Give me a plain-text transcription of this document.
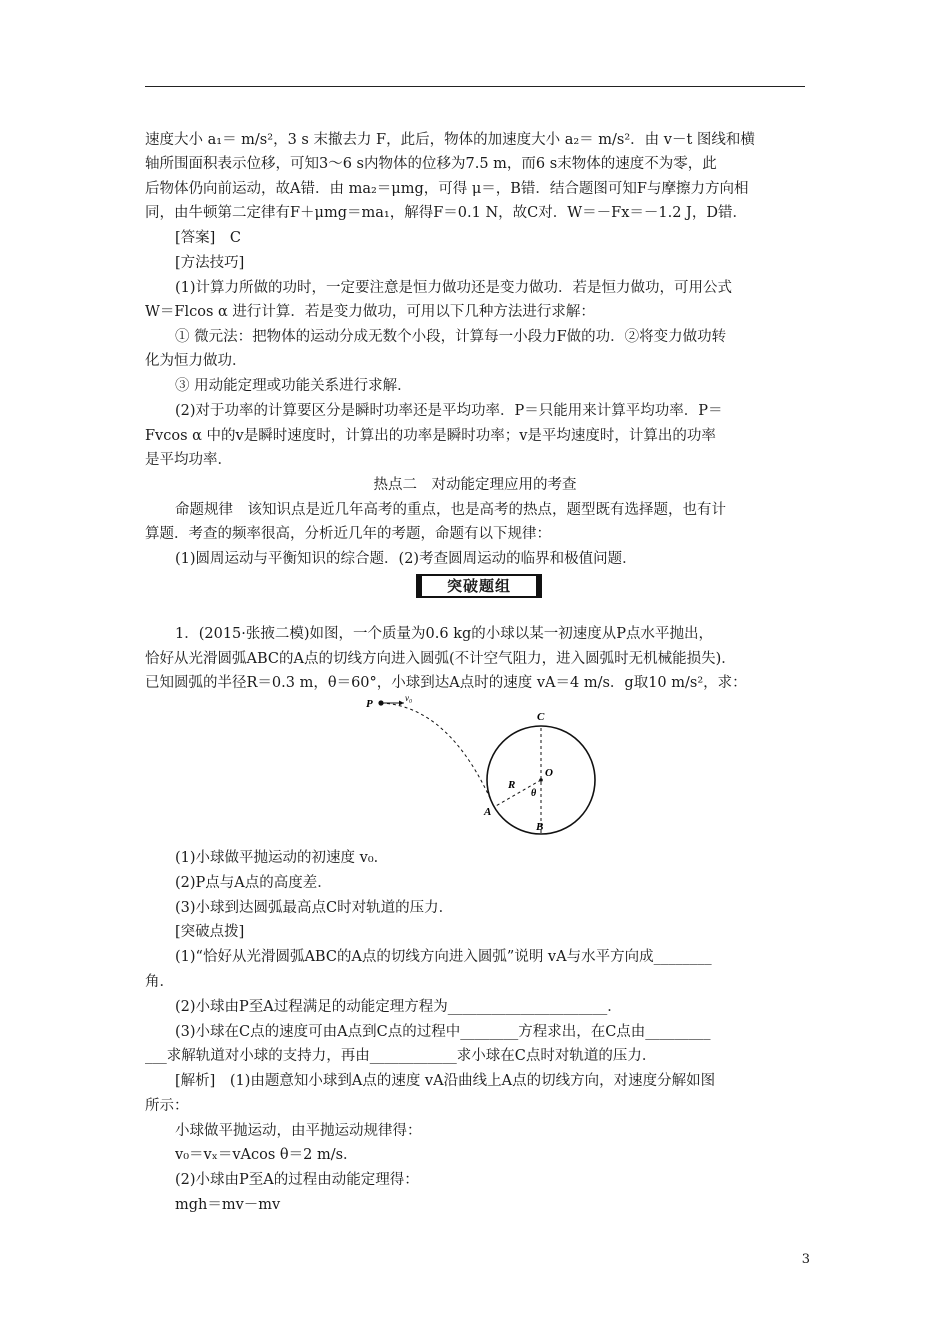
速度大小 a₁＝ m/s²，3 s 末撤去力 F，此后，物体的加速度大小 a₂＝ m/s²．由 v－t 图线和横
轴所围面积表示位移，可知3～6 s内物体的位移为7.5 m，而6 s末物体的速度不为零，此
后物体仍向前运动，故A错．由 ma₂＝μmg，可得 μ＝，B错．结合题图可知F与摩擦力方向相
同，由牛顿第二定律有F＋μmg＝ma₁，解得F＝0.1 N，故C对．W＝－Fx＝－1.2 J，D错．
[答案]　C
[方法技巧]
(1)计算力所做的功时，一定要注意是恒力做功还是变力做功．若是恒力做功，可用公式
W＝Flcos α 进行计算．若是变力做功，可用以下几种方法进行求解：
① 微元法：把物体的运动分成无数个小段，计算每一小段力F做的功．②将变力做功转
化为恒力做功．
③ 用动能定理或功能关系进行求解．
(2)对于功率的计算要区分是瞬时功率还是平均功率．P＝只能用来计算平均功率．P＝
Fvcos α 中的v是瞬时速度时，计算出的功率是瞬时功率；v是平均速度时，计算出的功率
是平均功率．
热点二　对动能定理应用的考查
命题规律　该知识点是近几年高考的重点，也是高考的热点，题型既有选择题，也有计
算题．考查的频率很高，分析近几年的考题，命题有以下规律：
(1)圆周运动与平衡知识的综合题．(2)考查圆周运动的临界和极值问题．
突破题组
1．(2015·张掖二模)如图，一个质量为0.6 kg的小球以某一初速度从P点水平抛出，
恰好从光滑圆弧ABC的A点的切线方向进入圆弧(不计空气阻力，进入圆弧时无机械能损失)．
已知圆弧的半径R＝0.3 m，θ＝60°，小球到达A点时的速度 vA＝4 m/s．g取10 m/s²，求：
P	v₀
C
O
R
θ
A
B
(1)小球做平抛运动的初速度 v₀．
(2)P点与A点的高度差．
(3)小球到达圆弧最高点C时对轨道的压力．
[突破点拨]
(1)“恰好从光滑圆弧ABC的A点的切线方向进入圆弧”说明 vA与水平方向成________
角．
(2)小球由P至A过程满足的动能定理方程为______________________．
(3)小球在C点的速度可由A点到C点的过程中________方程求出，在C点由_________
___求解轨道对小球的支持力，再由____________求小球在C点时对轨道的压力．
[解析]　(1)由题意知小球到A点的速度 vA沿曲线上A点的切线方向，对速度分解如图
所示：
小球做平抛运动，由平抛运动规律得：
v₀＝vₓ＝vAcos θ＝2 m/s．
(2)小球由P至A的过程由动能定理得：
mgh＝mv－mv
3
